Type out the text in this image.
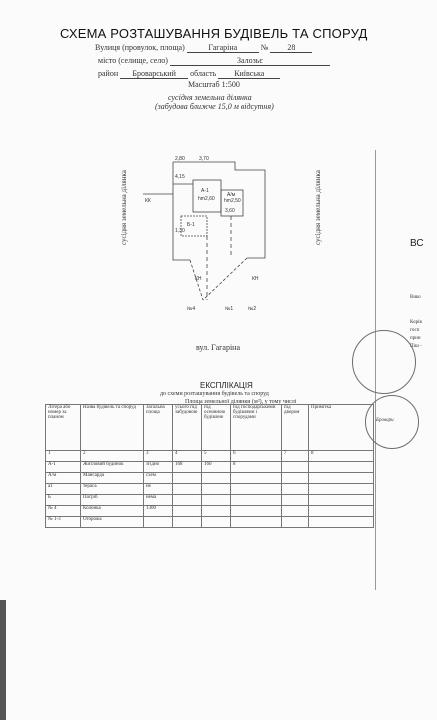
СХЕМА РОЗТАШУВАННЯ БУДІВЕЛЬ ТА СПОРУД
Вулиця (провулок, площа)	Гагаріна	№ 28
місто (селище, село)	Залозьє
район Броварський область Київська
Масштаб 1:500
сусідня земельна ділянка
(забудова ближче 15,0 м відсутня)
сусідня земельна ділянка	сусідня земельна ділянка
А-1
hm2,60
А/м
hm2,50
Б-1
КК
КН	КН
№4	№1	№2
3,70
2,80
4,15
3,60
1,30
вул. Гагаріна
ЕКСПЛІКАЦІЯ
до схеми розташування будівель та споруд
Площа земельної ділянки (м²), у тому числі
Літера або номер за планом	Назва будівель та споруд	Загальна площа	усього під забудовою	під основною будівлею	під господарськими будівлями і спорудами	під двором	Примітка
1	2	3	4	5	6	7	8
А-1	Житловий будинок	згідно	168	160	8		
А/м	Мансарда	схем					
а1	тераса	не					
Б	Погріб	нема					
№ 4	Колонка	1300					
№ 1-3	Огорожа						
ВС
Вико
Корів
госп
прин
Піш -
Бровари
